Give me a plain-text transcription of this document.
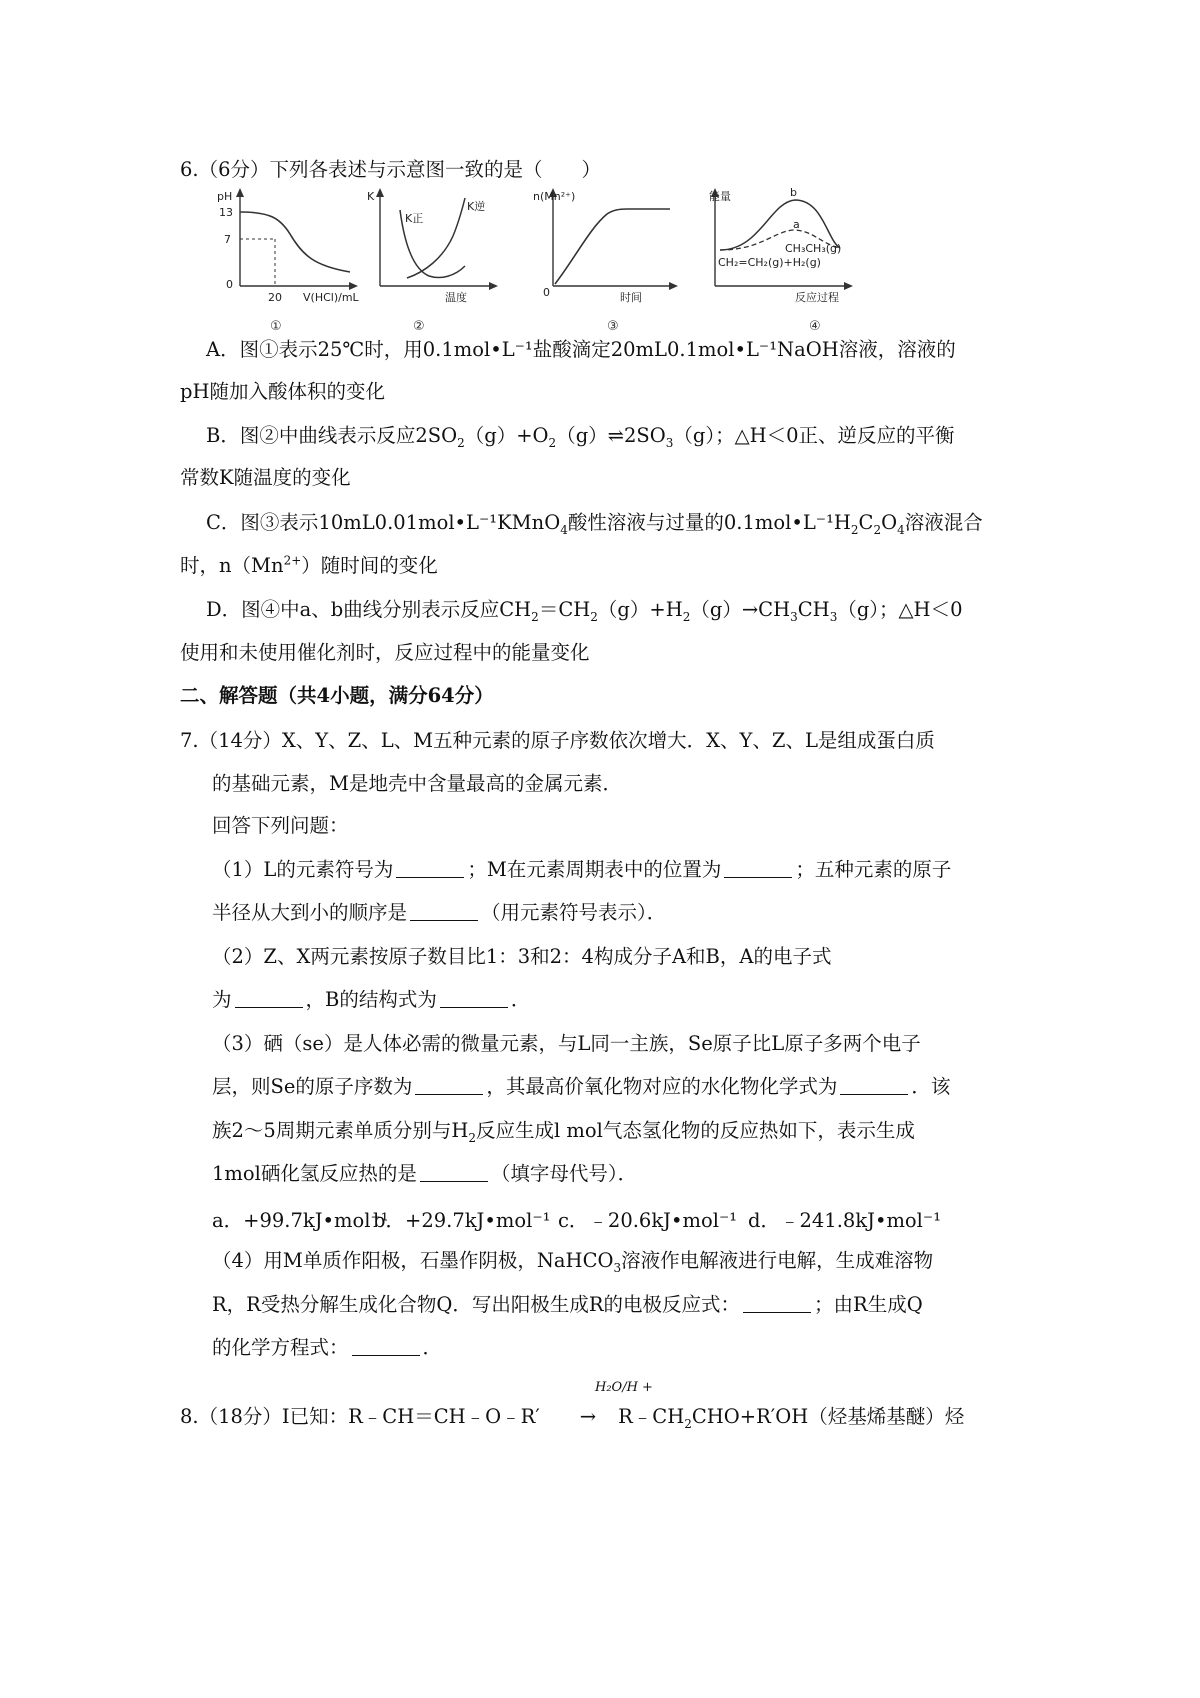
6.（6分）下列各表述与示意图一致的是（　　）
pH
13
7
0
20 V(HCl)/mL
①
K
K正
K逆
温度
②
n(Mn²⁺)
0	时间
③
能量	b
a
CH₃CH₃(g)
CH₂=CH₂(g)+H₂(g)
反应过程
④
A．图①表示25℃时，用0.1mol•L⁻¹盐酸滴定20mL0.1mol•L⁻¹NaOH溶液，溶液的
pH随加入酸体积的变化
B．图②中曲线表示反应$2SO_2(g)+O_2(g)\rightleftharpoons 2SO_3(g)$；△H＜0正、逆反应的平衡
常数K随温度的变化
C．图③表示10mL0.01mol•L⁻¹KMnO$_4$酸性溶液与过量的$0.1mol•L^{-1}H_2C_2O_4$溶液混合
时，$n(Mn^{2+})$随时间的变化
D．图④中a、b曲线分别表示反应$CH_2=CH_2(g)+H_2(g)\to CH_3CH_3(g)$；△H＜0
使用和未使用催化剂时，反应过程中的能量变化
二、解答题（共4小题，满分64分）
7.（14分）X、Y、Z、L、M五种元素的原子序数依次增大．X、Y、Z、L是组成蛋白质
的基础元素，M是地壳中含量最高的金属元素．
回答下列问题：
（1）L的元素符号为	；M在元素周期表中的位置为	；五种元素的原子
半径从大到小的顺序是	（用元素符号表示）．
（2）Z、X两元素按原子数目比1：3和2：4构成分子A和B，A的电子式
为	，B的结构式为	．
（3）硒（se）是人体必需的微量元素，与L同一主族，Se原子比L原子多两个电子
层，则Se的原子序数为	，其最高价氧化物对应的水化物化学式为	．该
族2～5周期元素单质分别与$H_2$反应生成l mol气态氢化物的反应热如下，表示生成
1mol硒化氢反应热的是	（填字母代号）．
a．+99.7kJ•mol⁻¹
b．+29.7kJ•mol⁻¹ c．﹣20.6kJ•mol⁻¹ d．﹣241.8kJ•mol⁻¹
（4）用M单质作阳极，石墨作阴极，NaHCO$_3$溶液作电解液进行电解，生成难溶物
R，R受热分解生成化合物Q．写出阳极生成R的电极反应式：	；由R生成Q
的化学方程式：	．
H₂O/H +
8.（18分）Ⅰ已知：R﹣CH＝CH﹣O﹣R′ → $R﹣CH_2CHO+R'OH$（烃基烯基醚）烃
